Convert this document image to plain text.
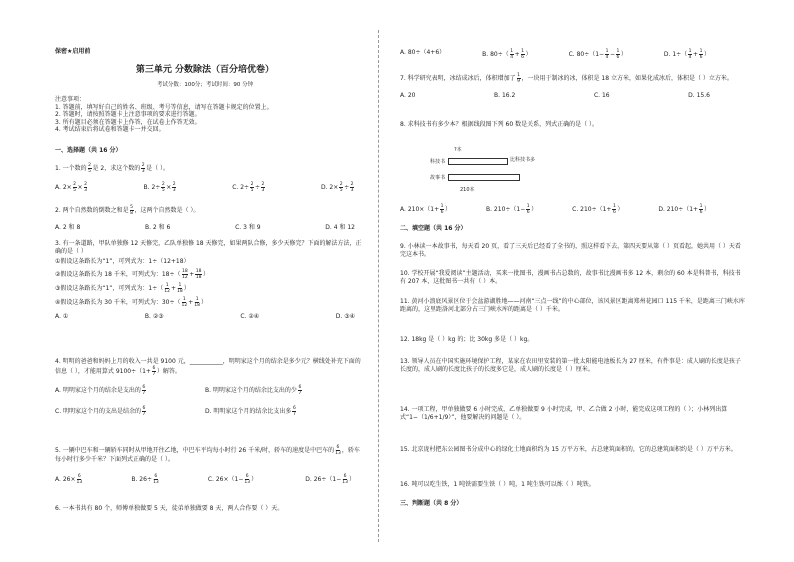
保密★启用前
第三单元 分数除法（百分培优卷）
考试分数：100分；考试时间：90 分钟
注意事项：
1. 答题前，填写好自己的姓名、班级、考号等信息，请写在答题卡规定的位置上。
2. 答题时，请按照答题卡上注意事项的要求进行答题。
3. 所有题目必须在答题卡上作答，在试卷上作答无效。
4. 考试结束后将试卷和答题卡一并交回。
一、选择题（共 16 分）
1. 一个数的 $\frac{2}{5}$ 是 2，求这个数的 $\frac{2}{3}$ 是（ ）。
A. $2\times \frac{2}{5} \times \frac{2}{3}$	B. $2\div \frac{2}{5} \times \frac{2}{3}$	C. $2\div \frac{2}{5} \div \frac{2}{3}$	D. $2\times \frac{2}{5} \div \frac{2}{3}$
2. 两个自然数的倒数之和是 $\frac{5}{8}$ ，这两个自然数是（ ）。
A. 2 和 8	B. 2 和 6	C. 3 和 9	D. 4 和 12
3. 有一条道路，甲队单独修 12 天修完，乙队单独修 18 天修完，如果两队合修，多少天修完？下面的解法方法，正确的是（ ）
①假设这条路长为“1”，可列式为：1÷（12+18）
②假设这条路长为 18 千米，可列式为：$18\div( \frac{18}{12} + \frac{18}{18}$ ）
③假设这条路长为“1”，可列式为：$1\div( \frac{1}{12} + \frac{1}{18}$ ）
④假设这条路长为 30 千米，可列式为：$30\div( \frac{1}{12} + \frac{1}{18}$ ）
A. ①	B. ②③	C. ②④	D. ③④
4. 明明的爸爸和妈妈上月的收入一共是 9100 元，___________，明明家这个月的结余是多少元？横线处补充下面的信息（ ），才能用算式 $9100\div(1+ \frac{6}{7}$ ）解答。
A. 明明家这个月的结余是支出的 $\frac{6}{7}$	B. 明明家这个月的结余比支出的少 $\frac{6}{7}$
C. 明明家这个月的支出是结余的 $\frac{6}{7}$	D. 明明家这个月的结余比支出多 $\frac{6}{7}$
5. 一辆中巴车和一辆轿车同时从甲地开往乙地，中巴车平均每小时行 26 千米/时，轿车的速度是中巴车的 $\frac{6}{13}$ ，轿车每小时行多少千米？下面列式正确的是（ ）。
A. $26\times \frac{6}{13}$	B. $26\div \frac{6}{13}$	C. $26\times(1- \frac{6}{13}$ ）	D. $26\div(1- \frac{6}{13}$ ）
6. 一本书共有 80 个，师傅单独做要 5 天，徒弟单独做要 8 天，两人合作要（ ）天。
A. 80÷（4+6）	B. $80\div( \frac{1}{4} + \frac{1}{6}$ ）	C. $80\div(1- \frac{1}{4} - \frac{1}{6}$ ）	D. $1\div( \frac{1}{4} + \frac{1}{6}$ ）
7. 科学研究表明，冰结成冰后，体积增加了 $\frac{1}{9}$ ，一块用于制冰的冰，体积是 18 立方米，如果化成冰后，体积是（ ）立方米。
A. 20	B. 16.2	C. 16	D. 15.6
8. 求科技书有多少本？根据线段图下列 60 数是关系，列式正确的是（ ）。
?本
科技书	比科技书多
故事书
210本
A. $210\times(1+ \frac{1}{6}$ ）	B. $210\div(1- \frac{1}{6}$ ）	C. $210\div(1+ \frac{1}{6}$ ）	D. $210\div(1+ \frac{1}{6}$ ）
二、填空题（共 16 分）
9. 小林读一本故事书，每天看 20 页，看了三天后已经看了全书的，照这样看下去，第四天要从第（ ）页看起，她共用（ ）天看完这本书。
10. 学校开展“我爱阅读”主题活动，买来一批图书，漫画书占总数的，故事书比漫画书多 12 本，剩余的 60 本是科普书，科技书有 207 本，这批图书一共有（ ）本。
11. 黄河小浪底风景区位于会盆游湖胜地——河南“三点一线”的中心部位，该风景区距离郑州花园口 115 千米，是距离三门峡水库距离的，这里距洛河北部分占三门峡水库的距离是（ ）千米。
12. 18kg 是（ ）kg 的；比 30kg 多是（ ）kg。
13. 领导人员在中国实施环境保护工程，某家在农田里安装的第一批太阳能电池板长为 27 厘米，有件事是：成人刷的长度是孩子长度的，成人刷的长度比孩子的长度多它是，成人刷的长度是（ ）厘米。
14. 一项工程，甲单独做要 6 小时完成，乙单独做要 9 小时完成，甲、乙合做 2 小时，能完成这项工程的（ ）；小林列出算式“1−（1/6+1/9）”，他要解决的问题是（ ）。
15. 北京庞村把东公园图书分成中心的绿化土地面积约为 15 万平方米，占总建筑面积的，它的总建筑面积约是（ ）万平方米。
16. 吨可以吃生铁，1 吨铁需要生铁（ ）吨，1 吨生铁可以炼（ ）吨铁。
三、判断题（共 8 分）
